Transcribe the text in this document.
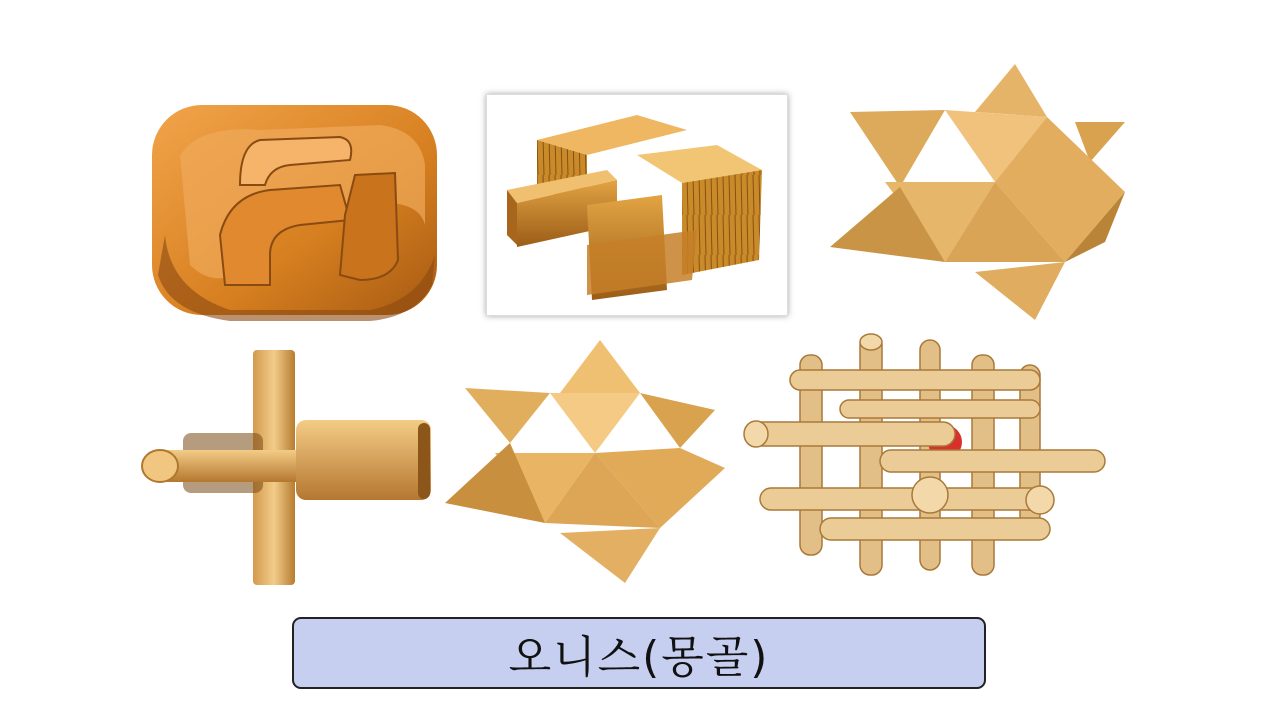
오니스(몽골)
